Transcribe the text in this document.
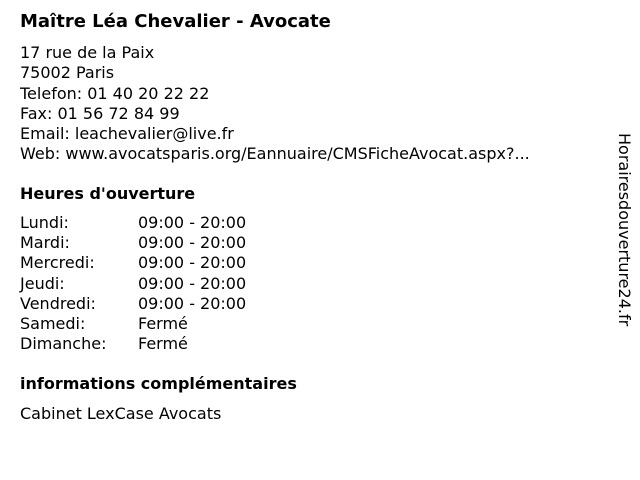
Maître Léa Chevalier - Avocate
17 rue de la Paix
75002 Paris
Telefon: 01 40 20 22 22
Fax: 01 56 72 84 99
Email: leachevalier@live.fr
Web: www.avocatsparis.org/Eannuaire/CMSFicheAvocat.aspx?...
Heures d'ouverture
Lundi:	09:00 - 20:00
Mardi:	09:00 - 20:00
Mercredi:	09:00 - 20:00
Jeudi:	09:00 - 20:00
Vendredi:	09:00 - 20:00
Samedi:	Fermé
Dimanche:	Fermé
informations complémentaires
Cabinet LexCase Avocats
Horairesdouverture24.fr
